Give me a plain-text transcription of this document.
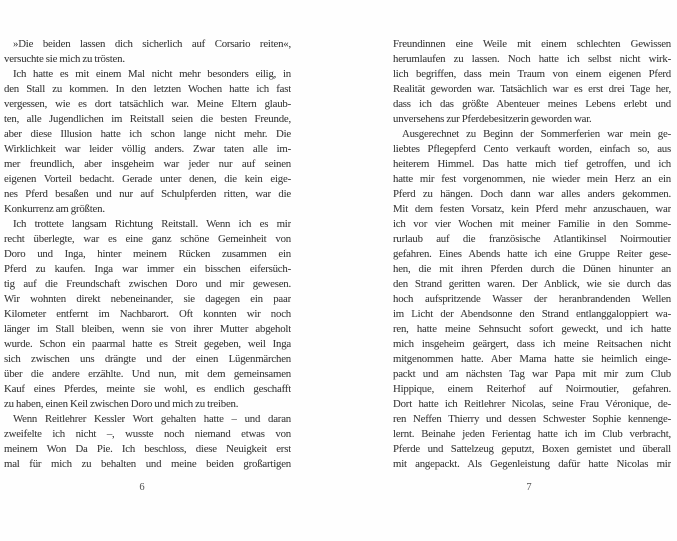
»Die beiden lassen dich sicherlich auf Corsario reiten«,
versuchte sie mich zu trösten.
Ich hatte es mit einem Mal nicht mehr besonders eilig, in
den Stall zu kommen. In den letzten Wochen hatte ich fast
vergessen, wie es dort tatsächlich war. Meine Eltern glaub-
ten, alle Jugendlichen im Reitstall seien die besten Freunde,
aber diese Illusion hatte ich schon lange nicht mehr. Die
Wirklichkeit war leider völlig anders. Zwar taten alle im-
mer freundlich, aber insgeheim war jeder nur auf seinen
eigenen Vorteil bedacht. Gerade unter denen, die kein eige-
nes Pferd besaßen und nur auf Schulpferden ritten, war die
Konkurrenz am größten.
Ich trottete langsam Richtung Reitstall. Wenn ich es mir
recht überlegte, war es eine ganz schöne Gemeinheit von
Doro und Inga, hinter meinem Rücken zusammen ein
Pferd zu kaufen. Inga war immer ein bisschen eifersüch-
tig auf die Freundschaft zwischen Doro und mir gewesen.
Wir wohnten direkt nebeneinander, sie dagegen ein paar
Kilometer entfernt im Nachbarort. Oft konnten wir noch
länger im Stall bleiben, wenn sie von ihrer Mutter abgeholt
wurde. Schon ein paarmal hatte es Streit gegeben, weil Inga
sich zwischen uns drängte und der einen Lügenmärchen
über die andere erzählte. Und nun, mit dem gemeinsamen
Kauf eines Pferdes, meinte sie wohl, es endlich geschafft
zu haben, einen Keil zwischen Doro und mich zu treiben.
Wenn Reitlehrer Kessler Wort gehalten hatte – und daran
zweifelte ich nicht –, wusste noch niemand etwas von
meinem Won Da Pie. Ich beschloss, diese Neuigkeit erst
mal für mich zu behalten und meine beiden großartigen
6
Freundinnen eine Weile mit einem schlechten Gewissen
herumlaufen zu lassen. Noch hatte ich selbst nicht wirk-
lich begriffen, dass mein Traum von einem eigenen Pferd
Realität geworden war. Tatsächlich war es erst drei Tage her,
dass ich das größte Abenteuer meines Lebens erlebt und
unversehens zur Pferdebesitzerin geworden war.
Ausgerechnet zu Beginn der Sommerferien war mein ge-
liebtes Pflegepferd Cento verkauft worden, einfach so, aus
heiterem Himmel. Das hatte mich tief getroffen, und ich
hatte mir fest vorgenommen, nie wieder mein Herz an ein
Pferd zu hängen. Doch dann war alles anders gekommen.
Mit dem festen Vorsatz, kein Pferd mehr anzuschauen, war
ich vor vier Wochen mit meiner Familie in den Somme-
rurlaub auf die französische Atlantikinsel Noirmoutier
gefahren. Eines Abends hatte ich eine Gruppe Reiter gese-
hen, die mit ihren Pferden durch die Dünen hinunter an
den Strand geritten waren. Der Anblick, wie sie durch das
hoch aufspritzende Wasser der heranbrandenden Wellen
im Licht der Abendsonne den Strand entlanggaloppiert wa-
ren, hatte meine Sehnsucht sofort geweckt, und ich hatte
mich insgeheim geärgert, dass ich meine Reitsachen nicht
mitgenommen hatte. Aber Mama hatte sie heimlich einge-
packt und am nächsten Tag war Papa mit mir zum Club
Hippique, einem Reiterhof auf Noirmoutier, gefahren.
Dort hatte ich Reitlehrer Nicolas, seine Frau Véronique, de-
ren Neffen Thierry und dessen Schwester Sophie kennenge-
lernt. Beinahe jeden Ferientag hatte ich im Club verbracht,
Pferde und Sattelzeug geputzt, Boxen gemistet und überall
mit angepackt. Als Gegenleistung dafür hatte Nicolas mir
7
